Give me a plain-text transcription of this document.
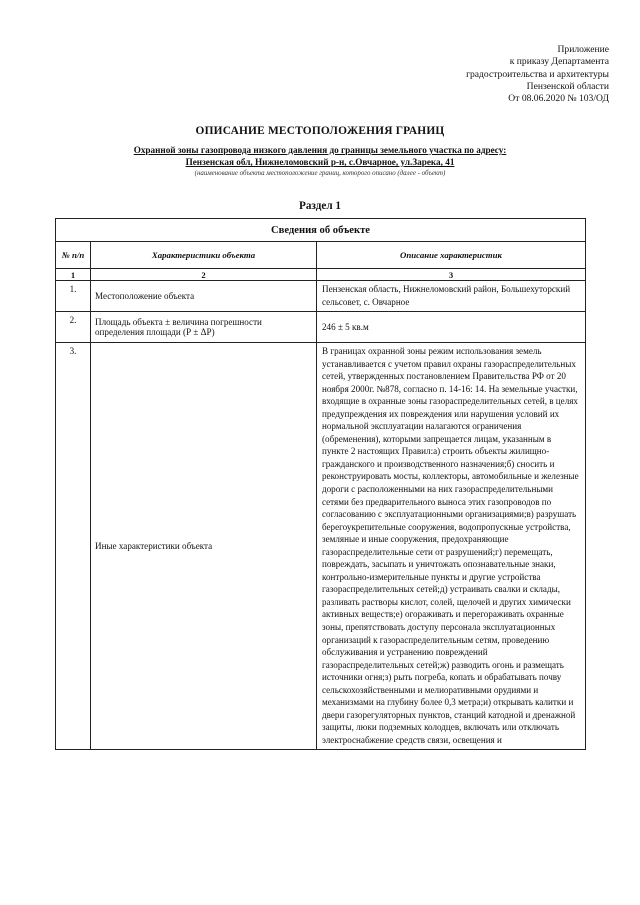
Приложение
к приказу Департамента
градостроительства и архитектуры
Пензенской области
От 08.06.2020 № 103/ОД
ОПИСАНИЕ МЕСТОПОЛОЖЕНИЯ ГРАНИЦ
Охранной зоны газопровода низкого давления до границы земельного участка по адресу:
Пензенская обл, Нижнеломовский р-н, с.Овчарное, ул.Зарека, 41
(наименование объекта местоположение границ, которого описано (далее - объект)
Раздел 1
Сведения об объекте		
№ п/п	Характеристики объекта	Описание характеристик
1	2	3
1.	Местоположение объекта	Пензенская область, Нижнеломовский район, Большехуторский сельсовет, с. Овчарное
2.	Площадь объекта ± величина погрешности определения площади (Р ± ΔР)	246 ± 5 кв.м
3.	Иные характеристики объекта	В границах охранной зоны режим использования земель устанавливается с учетом правил охраны газораспределительных сетей, утвержденных постановлением Правительства РФ от 20 ноября 2000г. №878, согласно п. 14-16: 14. На земельные участки, входящие в охранные зоны газораспределительных сетей, в целях предупреждения их повреждения или нарушения условий их нормальной эксплуатации налагаются ограничения (обременения), которыми запрещается лицам, указанным в пункте 2 настоящих Правил:а) строить объекты жилищно-гражданского и производственного назначения;б) сносить и реконструировать мосты, коллекторы, автомобильные и железные дороги с расположенными на них газораспределительными сетями без предварительного выноса этих газопроводов по согласованию с эксплуатационными организациями;в) разрушать берегоукрепительные сооружения, водопропускные устройства, земляные и иные сооружения, предохраняющие газораспределительные сети от разрушений;г) перемещать, повреждать, засыпать и уничтожать опознавательные знаки, контрольно-измерительные пункты и другие устройства газораспределительных сетей;д) устраивать свалки и склады, разливать растворы кислот, солей, щелочей и других химически активных веществ;е) огораживать и перегораживать охранные зоны, препятствовать доступу персонала эксплуатационных организаций к газораспределительным сетям, проведению обслуживания и устранению повреждений газораспределительных сетей;ж) разводить огонь и размещать источники огня;з) рыть погреба, копать и обрабатывать почву сельскохозяйственными и мелиоративными орудиями и механизмами на глубину более 0,3 метра;и) открывать калитки и двери газорегуляторных пунктов, станций катодной и дренажной защиты, люки подземных колодцев, включать или отключать электроснабжение средств связи, освещения и
